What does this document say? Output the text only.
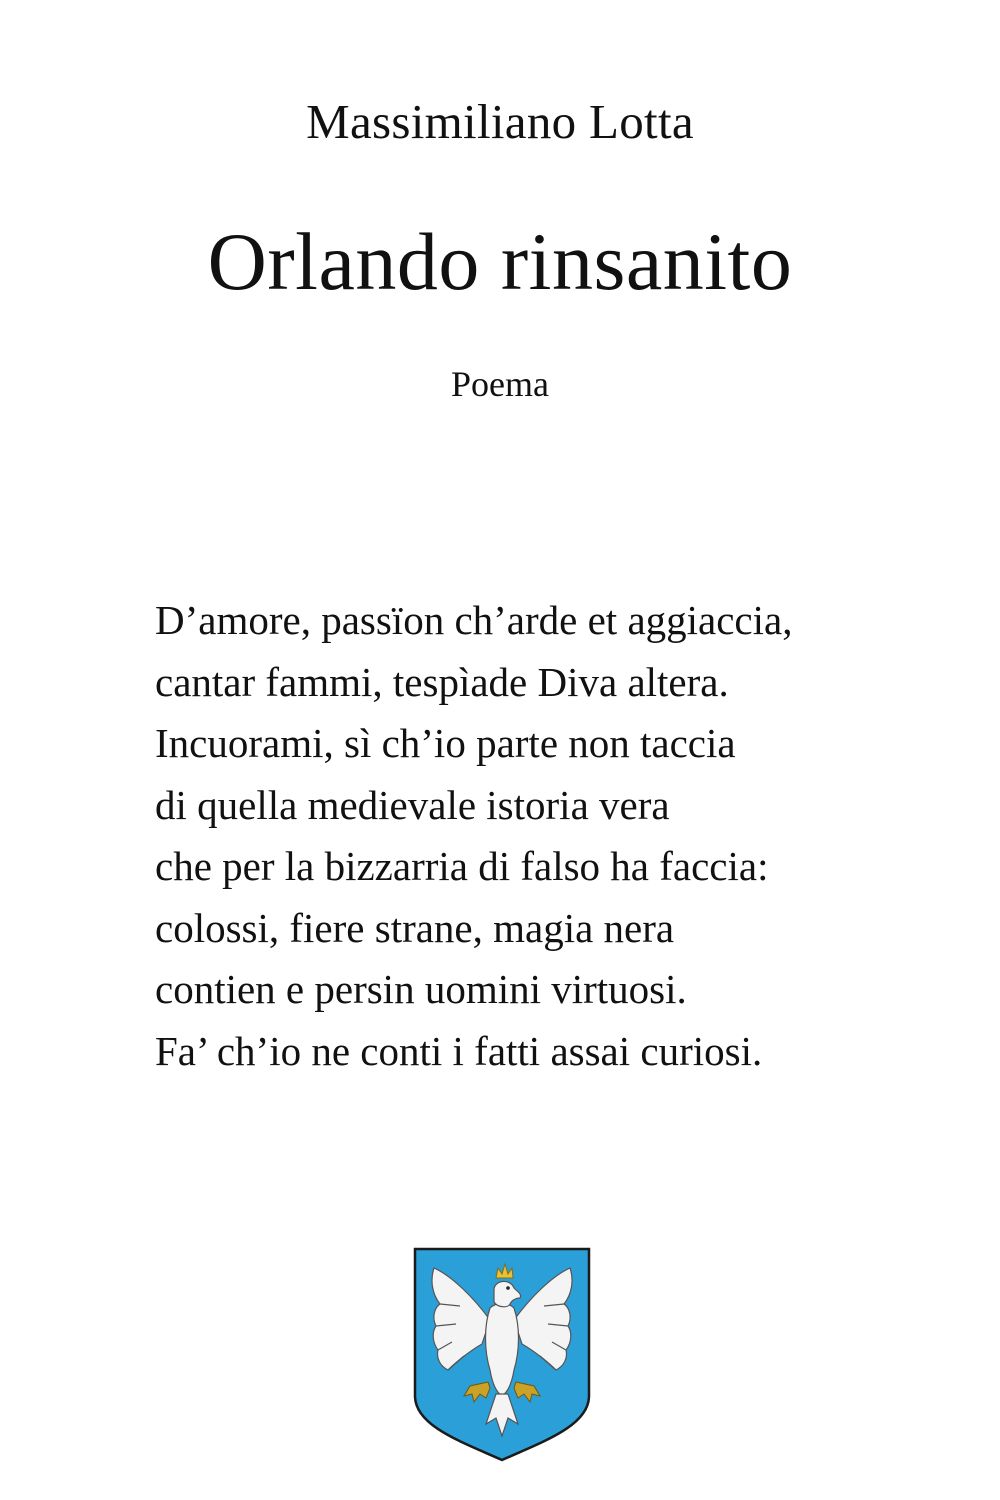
Massimiliano Lotta
Orlando rinsanito
Poema
D’amore, passïon ch’arde et aggiaccia,
cantar fammi, tespìade Diva altera.
Incuorami, sì ch’io parte non taccia
di quella medievale istoria vera
che per la bizzarria di falso ha faccia:
colossi, fiere strane, magia nera
contien e persin uomini virtuosi.
Fa’ ch’io ne conti i fatti assai curiosi.
